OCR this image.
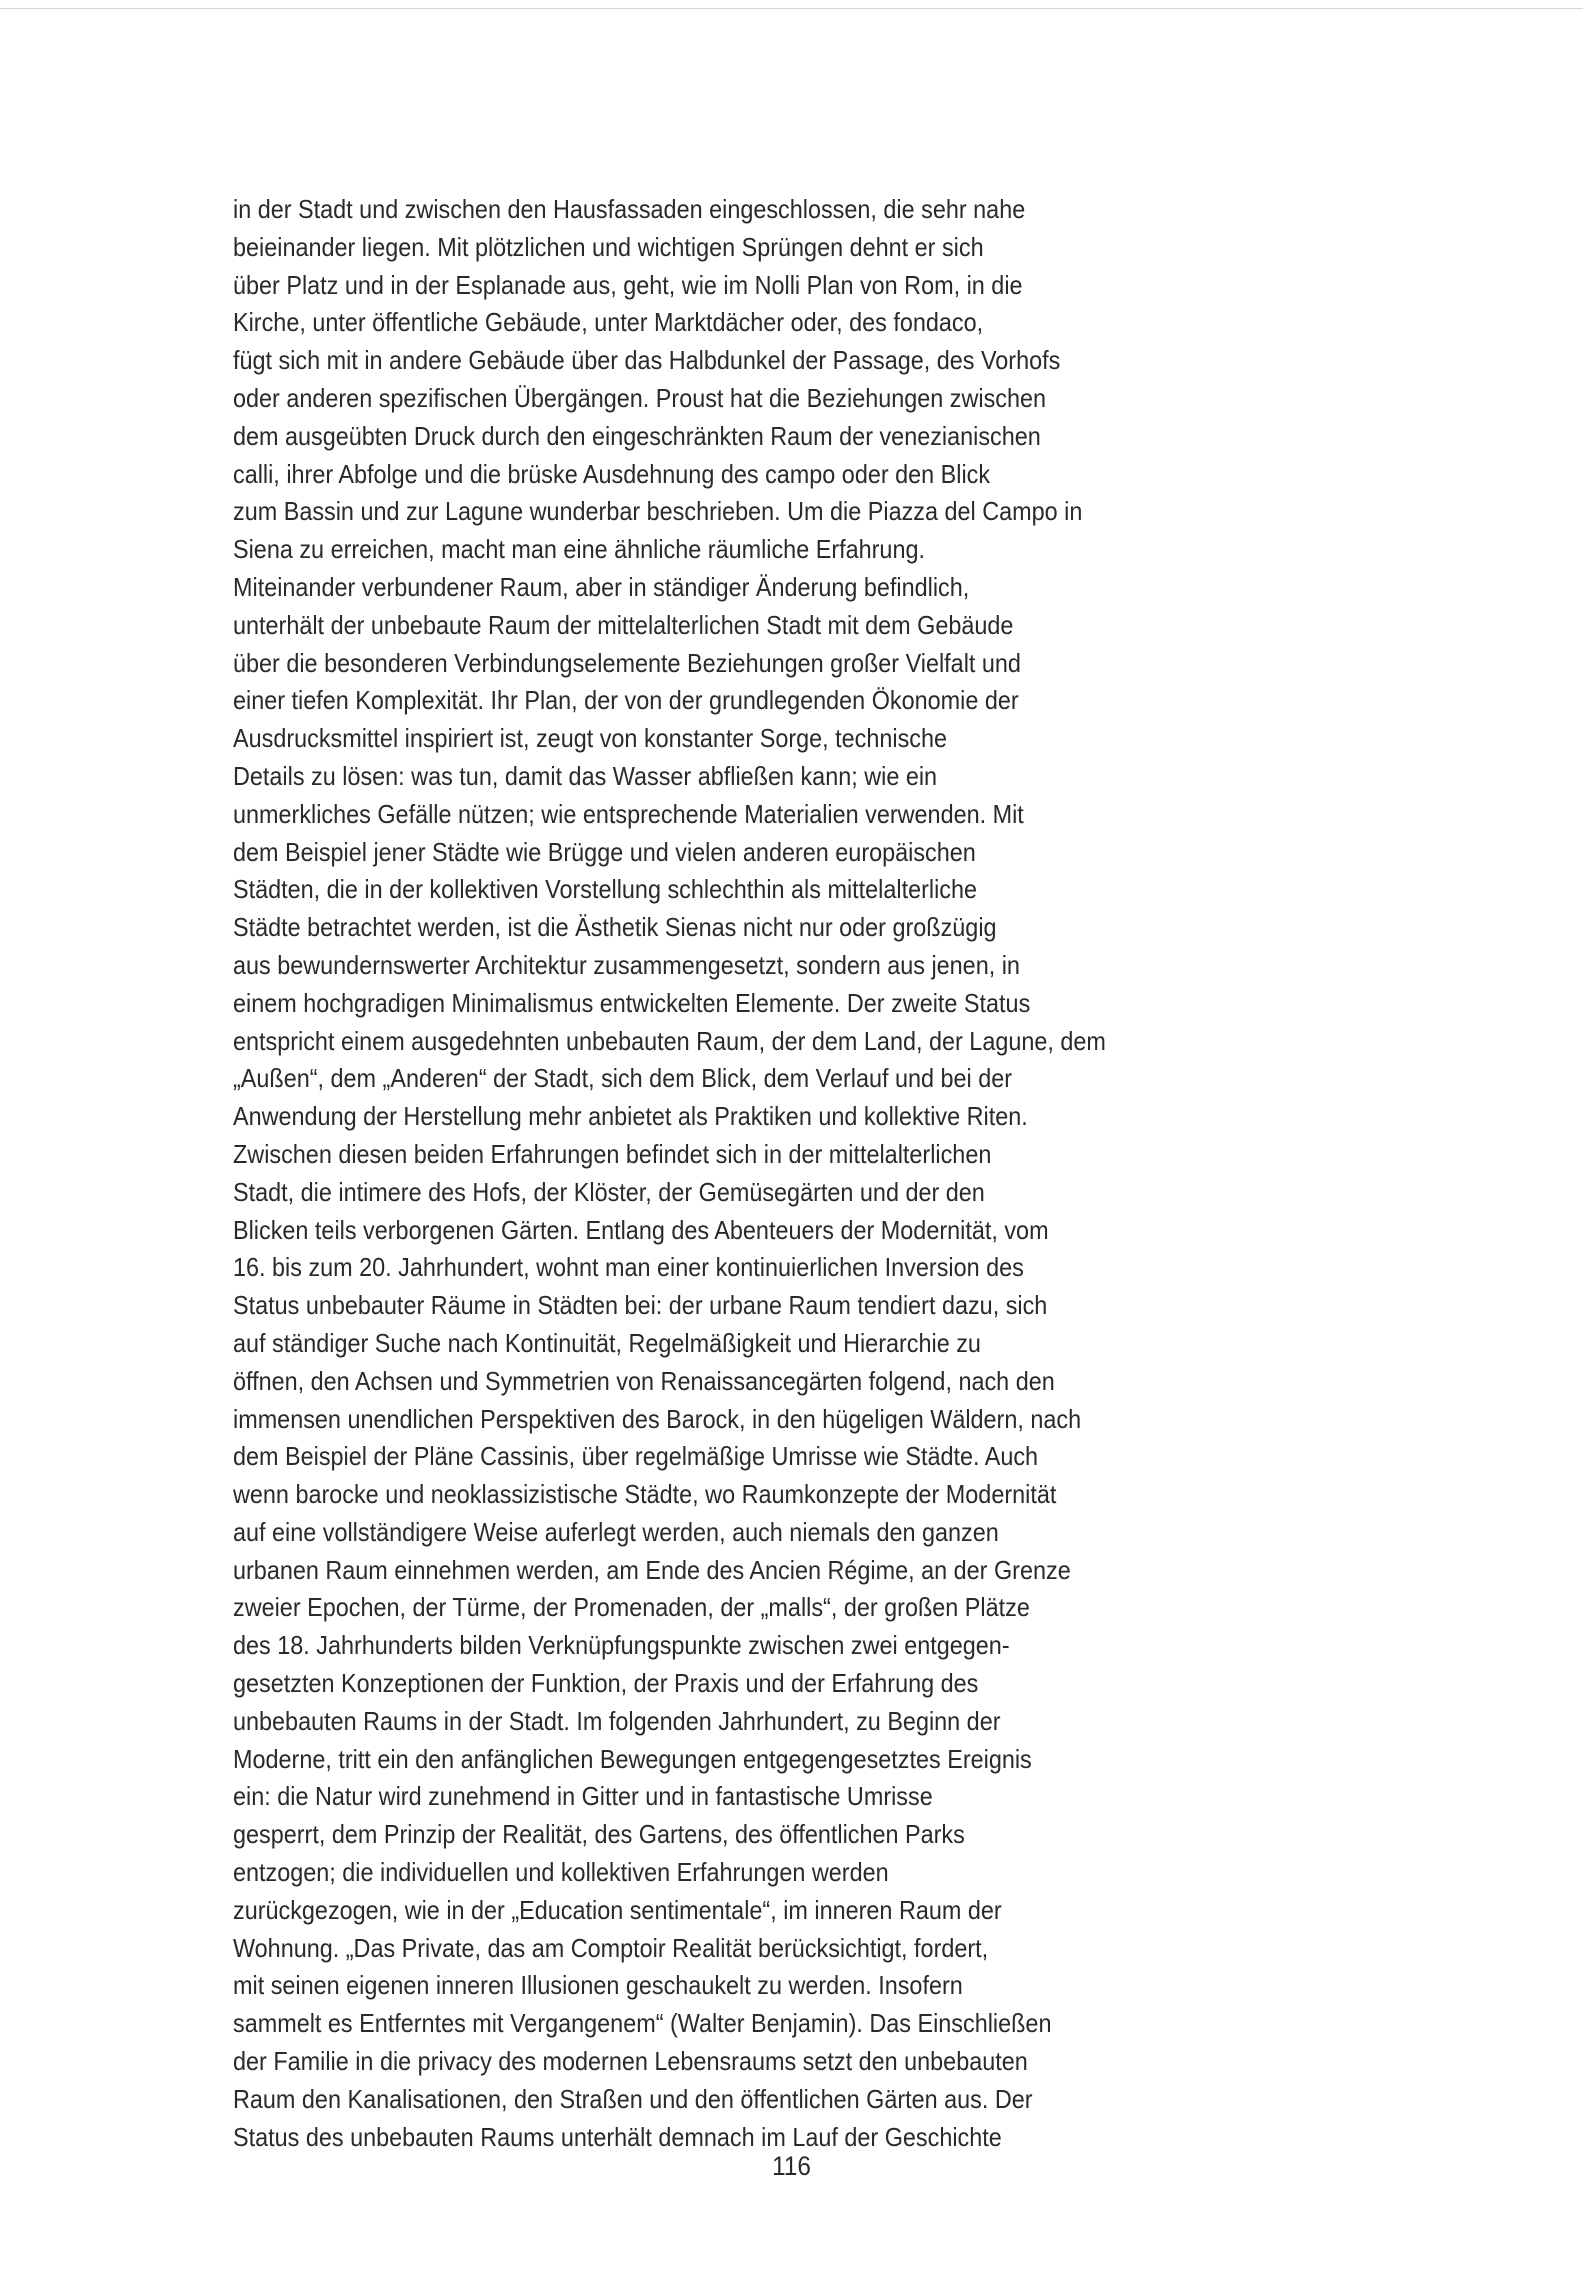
in der Stadt und zwischen den Hausfassaden eingeschlossen, die sehr nahe
beieinander liegen. Mit plötzlichen und wichtigen Sprüngen dehnt er sich
über Platz und in der Esplanade aus, geht, wie im Nolli Plan von Rom, in die
Kirche, unter öffentliche Gebäude, unter Marktdächer oder, des fondaco,
fügt sich mit in andere Gebäude über das Halbdunkel der Passage, des Vorhofs
oder anderen spezifischen Übergängen. Proust hat die Beziehungen zwischen
dem ausgeübten Druck durch den eingeschränkten Raum der venezianischen
calli, ihrer Abfolge und die brüske Ausdehnung des campo oder den Blick
zum Bassin und zur Lagune wunderbar beschrieben. Um die Piazza del Campo in
Siena zu erreichen, macht man eine ähnliche räumliche Erfahrung.
Miteinander verbundener Raum, aber in ständiger Änderung befindlich,
unterhält der unbebaute Raum der mittelalterlichen Stadt mit dem Gebäude
über die besonderen Verbindungselemente Beziehungen großer Vielfalt und
einer tiefen Komplexität. Ihr Plan, der von der grundlegenden Ökonomie der
Ausdrucksmittel inspiriert ist, zeugt von konstanter Sorge, technische
Details zu lösen: was tun, damit das Wasser abfließen kann; wie ein
unmerkliches Gefälle nützen; wie entsprechende Materialien verwenden. Mit
dem Beispiel jener Städte wie Brügge und vielen anderen europäischen
Städten, die in der kollektiven Vorstellung schlechthin als mittelalterliche
Städte betrachtet werden, ist die Ästhetik Sienas nicht nur oder großzügig
aus bewundernswerter Architektur zusammengesetzt, sondern aus jenen, in
einem hochgradigen Minimalismus entwickelten Elemente. Der zweite Status
entspricht einem ausgedehnten unbebauten Raum, der dem Land, der Lagune, dem
„Außen“, dem „Anderen“ der Stadt, sich dem Blick, dem Verlauf und bei der
Anwendung der Herstellung mehr anbietet als Praktiken und kollektive Riten.
Zwischen diesen beiden Erfahrungen befindet sich in der mittelalterlichen
Stadt, die intimere des Hofs, der Klöster, der Gemüsegärten und der den
Blicken teils verborgenen Gärten. Entlang des Abenteuers der Modernität, vom
16. bis zum 20. Jahrhundert, wohnt man einer kontinuierlichen Inversion des
Status unbebauter Räume in Städten bei: der urbane Raum tendiert dazu, sich
auf ständiger Suche nach Kontinuität, Regelmäßigkeit und Hierarchie zu
öffnen, den Achsen und Symmetrien von Renaissancegärten folgend, nach den
immensen unendlichen Perspektiven des Barock, in den hügeligen Wäldern, nach
dem Beispiel der Pläne Cassinis, über regelmäßige Umrisse wie Städte. Auch
wenn barocke und neoklassizistische Städte, wo Raumkonzepte der Modernität
auf eine vollständigere Weise auferlegt werden, auch niemals den ganzen
urbanen Raum einnehmen werden, am Ende des Ancien Régime, an der Grenze
zweier Epochen, der Türme, der Promenaden, der „malls“, der großen Plätze
des 18. Jahrhunderts bilden Verknüpfungspunkte zwischen zwei entgegen-
gesetzten Konzeptionen der Funktion, der Praxis und der Erfahrung des
unbebauten Raums in der Stadt. Im folgenden Jahrhundert, zu Beginn der
Moderne, tritt ein den anfänglichen Bewegungen entgegengesetztes Ereignis
ein: die Natur wird zunehmend in Gitter und in fantastische Umrisse
gesperrt, dem Prinzip der Realität, des Gartens, des öffentlichen Parks
entzogen; die individuellen und kollektiven Erfahrungen werden
zurückgezogen, wie in der „Education sentimentale“, im inneren Raum der
Wohnung. „Das Private, das am Comptoir Realität berücksichtigt, fordert,
mit seinen eigenen inneren Illusionen geschaukelt zu werden. Insofern
sammelt es Entferntes mit Vergangenem“ (Walter Benjamin). Das Einschließen
der Familie in die privacy des modernen Lebensraums setzt den unbebauten
Raum den Kanalisationen, den Straßen und den öffentlichen Gärten aus. Der
Status des unbebauten Raums unterhält demnach im Lauf der Geschichte
116
